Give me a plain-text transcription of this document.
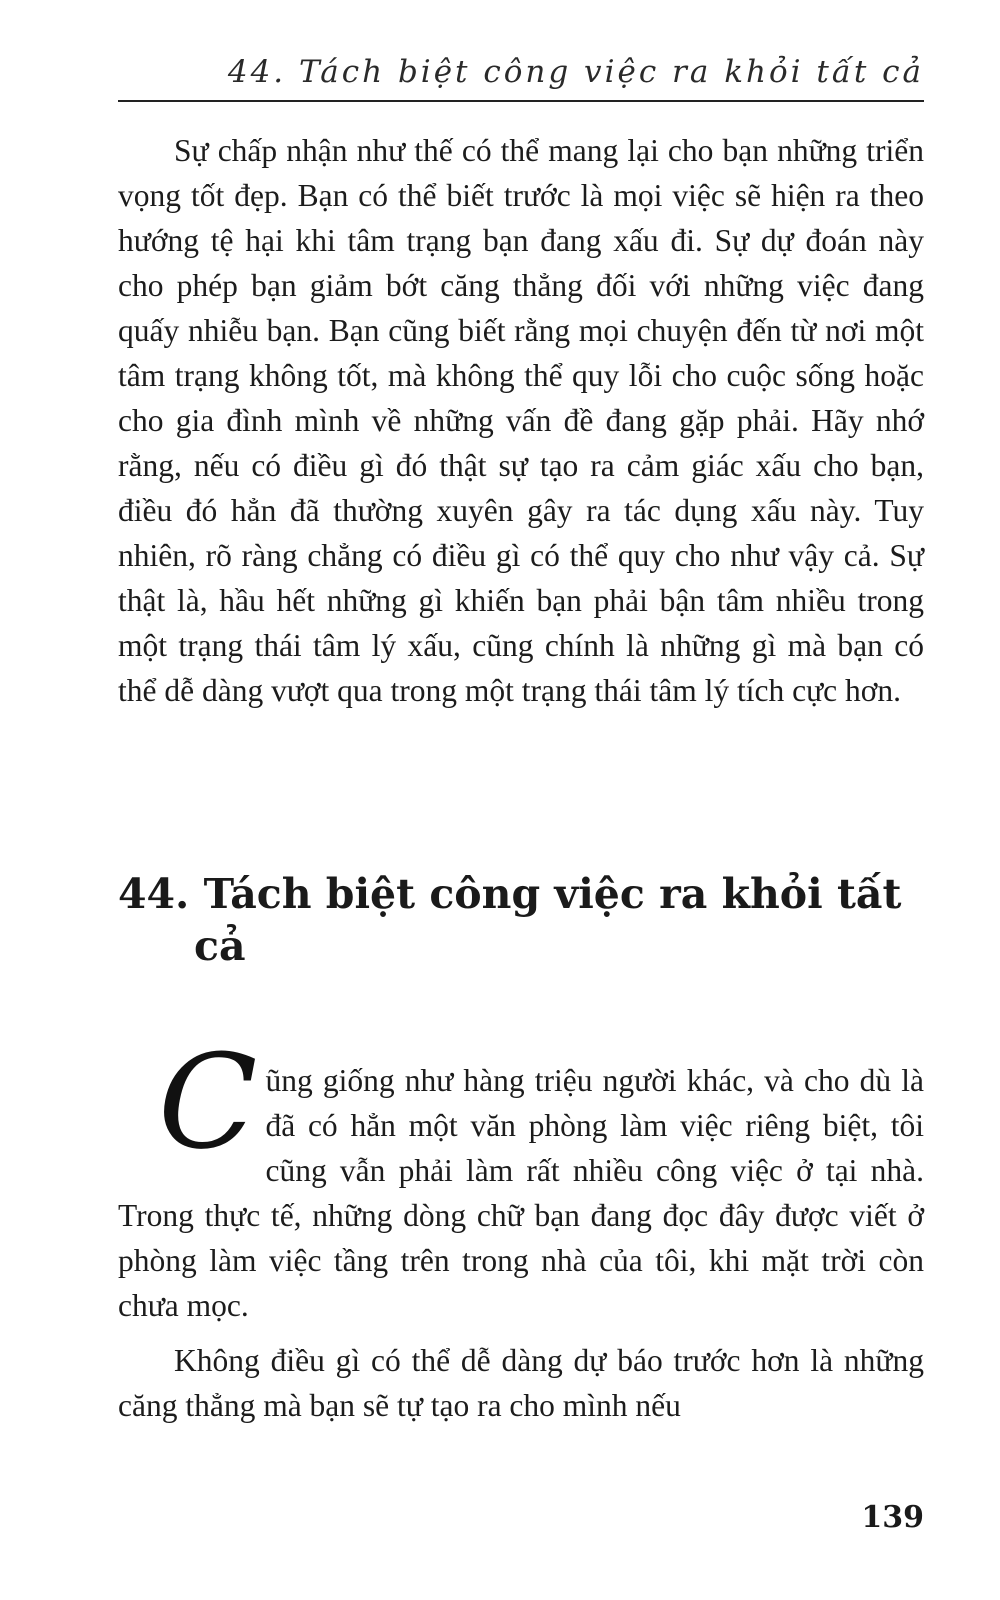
44. Tách biệt công việc ra khỏi tất cả

Sự chấp nhận như thế có thể mang lại cho bạn những triển vọng tốt đẹp. Bạn có thể biết trước là mọi việc sẽ hiện ra theo hướng tệ hại khi tâm trạng bạn đang xấu đi. Sự dự đoán này cho phép bạn giảm bớt căng thẳng đối với những việc đang quấy nhiễu bạn. Bạn cũng biết rằng mọi chuyện đến từ nơi một tâm trạng không tốt, mà không thể quy lỗi cho cuộc sống hoặc cho gia đình mình về những vấn đề đang gặp phải. Hãy nhớ rằng, nếu có điều gì đó thật sự tạo ra cảm giác xấu cho bạn, điều đó hẳn đã thường xuyên gây ra tác dụng xấu này. Tuy nhiên, rõ ràng chẳng có điều gì có thể quy cho như vậy cả. Sự thật là, hầu hết những gì khiến bạn phải bận tâm nhiều trong một trạng thái tâm lý xấu, cũng chính là những gì mà bạn có thể dễ dàng vượt qua trong một trạng thái tâm lý tích cực hơn.

44. Tách biệt công việc ra khỏi tất cả

Cũng giống như hàng triệu người khác, và cho dù là đã có hẳn một văn phòng làm việc riêng biệt, tôi cũng vẫn phải làm rất nhiều công việc ở tại nhà. Trong thực tế, những dòng chữ bạn đang đọc đây được viết ở phòng làm việc tầng trên trong nhà của tôi, khi mặt trời còn chưa mọc.

Không điều gì có thể dễ dàng dự báo trước hơn là những căng thẳng mà bạn sẽ tự tạo ra cho mình nếu

139
